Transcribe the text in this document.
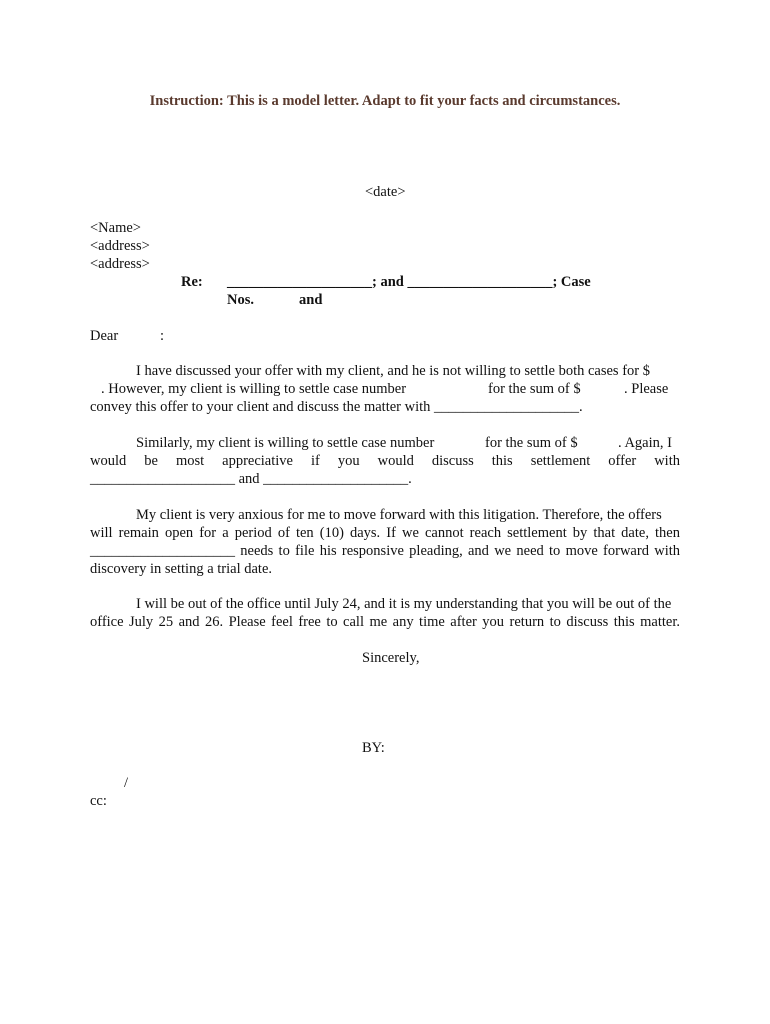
Instruction: This is a model letter. Adapt to fit your facts and circumstances.
<date>
<Name>
<address>
<address>
Re: ____________________; and ____________________; Case
Nos.	and
Dear	:
I have discussed your offer with my client, and he is not willing to settle both cases for $
. However, my client is willing to settle case number	for the sum of $	. Please
convey this offer to your client and discuss the matter with ____________________.
Similarly, my client is willing to settle case number	for the sum of $	. Again, I
would be most appreciative if you would discuss this settlement offer with
____________________ and ____________________.
My client is very anxious for me to move forward with this litigation. Therefore, the offers
will remain open for a period of ten (10) days. If we cannot reach settlement by that date, then
____________________ needs to file his responsive pleading, and we need to move forward with
discovery in setting a trial date.
I will be out of the office until July 24, and it is my understanding that you will be out of the
office July 25 and 26. Please feel free to call me any time after you return to discuss this matter.
Sincerely,
BY:
/
cc:
